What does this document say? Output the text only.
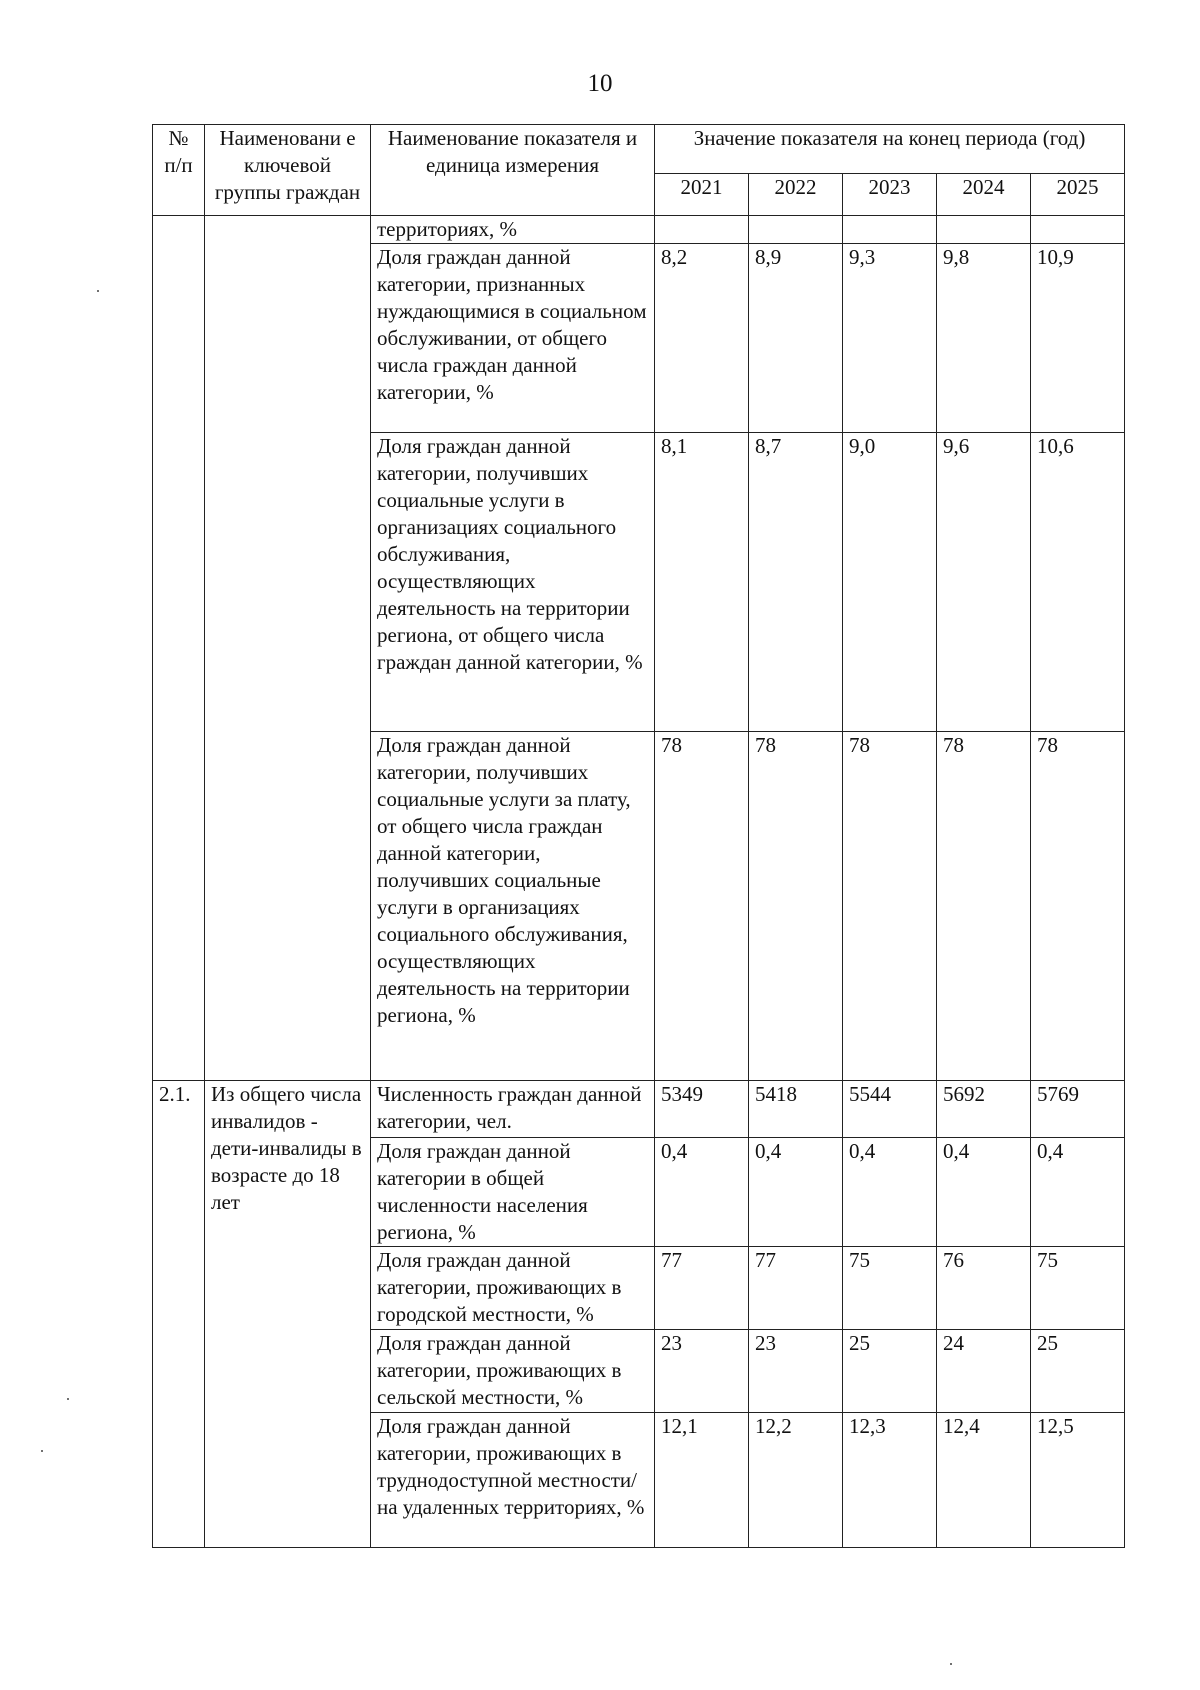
10
№ п/п	Наименовани е ключевой группы граждан	Наименование показателя и единица измерения	Значение показателя на конец периода (год)				
			2021	2022	2023	2024	2025
		территориях, %					
		Доля граждан данной категории, признанных нуждающимися в социальном обслуживании, от общего числа граждан данной категории, %	8,2	8,9	9,3	9,8	10,9
		Доля граждан данной категории, получивших социальные услуги в организациях социального обслуживания, осуществляющих деятельность на территории региона, от общего числа граждан данной категории, %	8,1	8,7	9,0	9,6	10,6
		Доля граждан данной категории, получивших социальные услуги за плату, от общего числа граждан данной категории, получивших социальные услуги в организациях социального обслуживания, осуществляющих деятельность на территории региона, %	78	78	78	78	78
2.1.	Из общего числа инвалидов - дети-инвалиды в возрасте до 18 лет	Численность граждан данной категории, чел.	5349	5418	5544	5692	5769
		Доля граждан данной категории в общей численности населения региона, %	0,4	0,4	0,4	0,4	0,4
		Доля граждан данной категории, проживающих в городской местности, %	77	77	75	76	75
		Доля граждан данной категории, проживающих в сельской местности, %	23	23	25	24	25
		Доля граждан данной категории, проживающих в труднодоступной местности/на удаленных территориях, %	12,1	12,2	12,3	12,4	12,5
